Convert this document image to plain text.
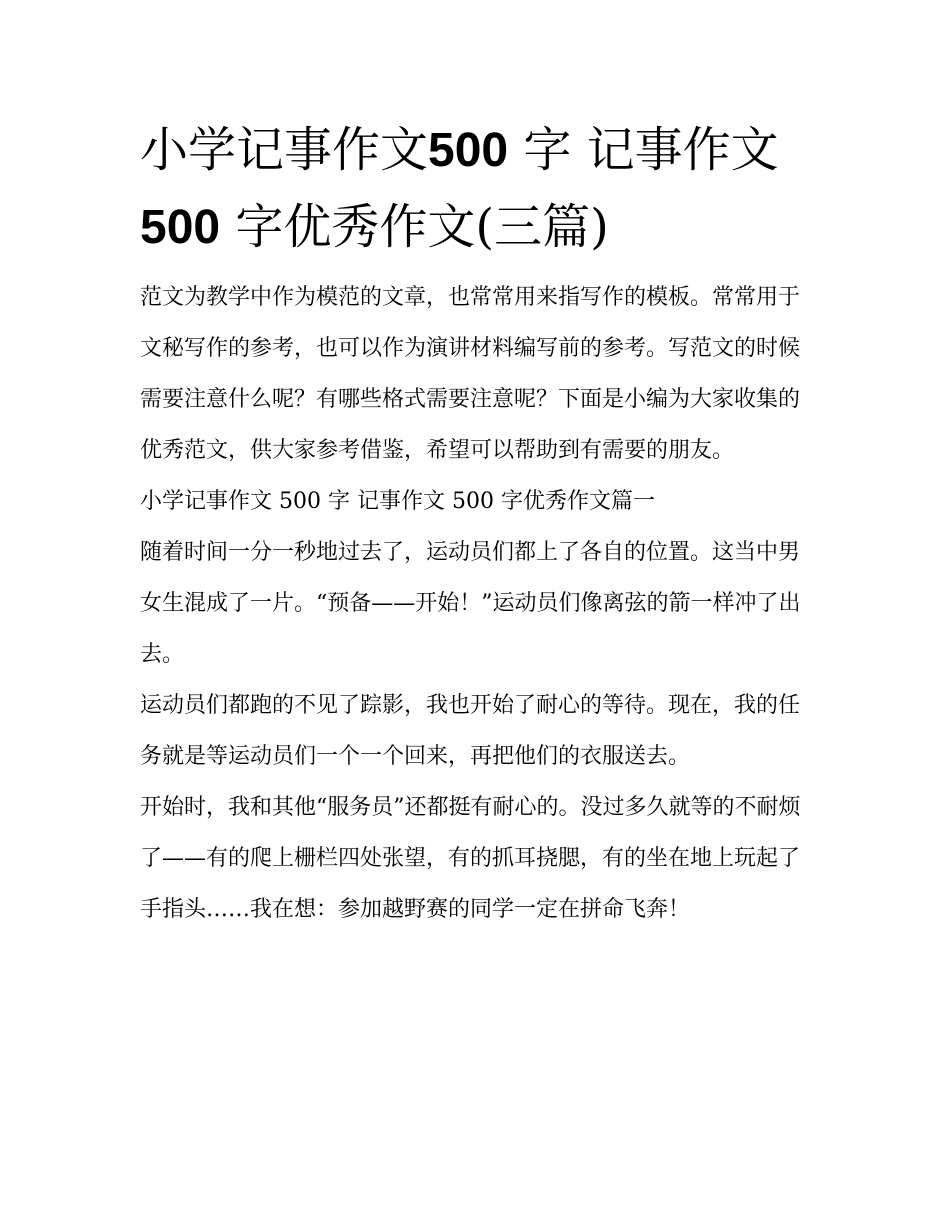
小学记事作文500 字 记事作文
500 字优秀作文(三篇)

范文为教学中作为模范的文章，也常常用来指写作的模板。常常用于文秘写作的参考，也可以作为演讲材料编写前的参考。写范文的时候需要注意什么呢？有哪些格式需要注意呢？下面是小编为大家收集的优秀范文，供大家参考借鉴，希望可以帮助到有需要的朋友。

小学记事作文 500 字 记事作文 500 字优秀作文篇一

随着时间一分一秒地过去了，运动员们都上了各自的位置。这当中男女生混成了一片。“预备——开始！”运动员们像离弦的箭一样冲了出去。

运动员们都跑的不见了踪影，我也开始了耐心的等待。现在，我的任务就是等运动员们一个一个回来，再把他们的衣服送去。

开始时，我和其他“服务员”还都挺有耐心的。没过多久就等的不耐烦了——有的爬上栅栏四处张望，有的抓耳挠腮，有的坐在地上玩起了手指头……我在想：参加越野赛的同学一定在拼命飞奔！
